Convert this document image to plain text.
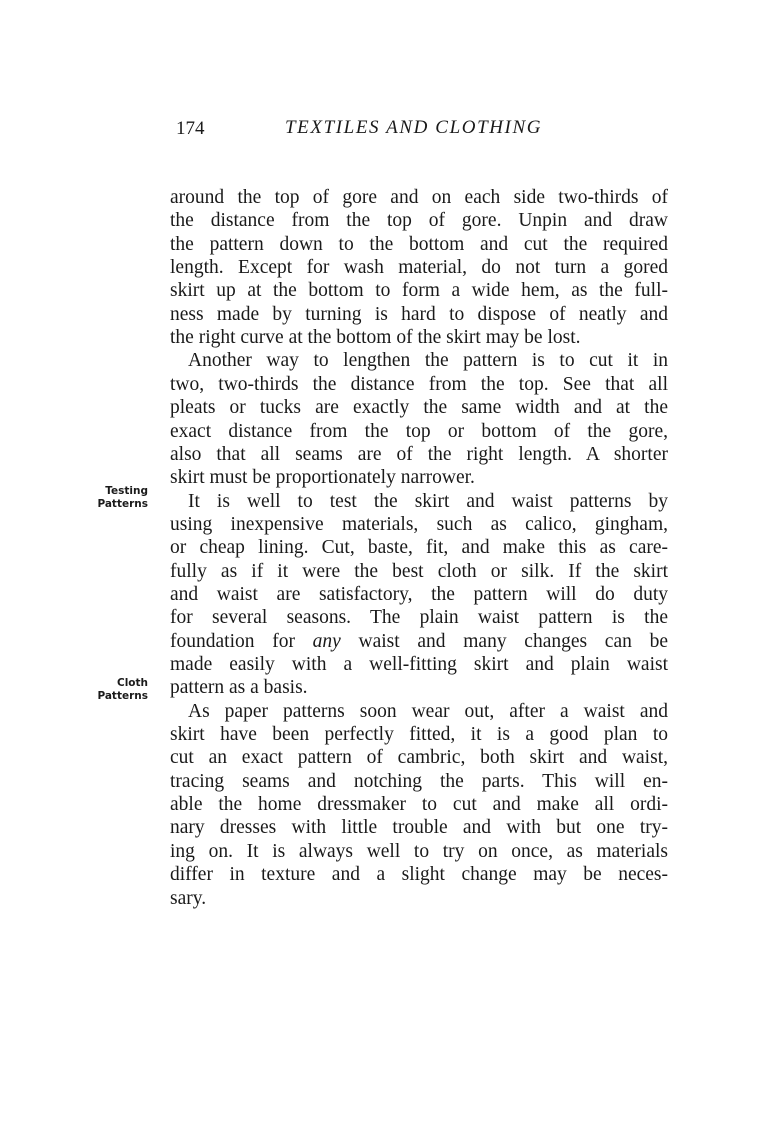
174	TEXTILES AND CLOTHING
Testing
Patterns
Cloth
Patterns
around the top of gore and on each side two-thirds of
the distance from the top of gore. Unpin and draw
the pattern down to the bottom and cut the required
length. Except for wash material, do not turn a gored
skirt up at the bottom to form a wide hem, as the full-
ness made by turning is hard to dispose of neatly and
the right curve at the bottom of the skirt may be lost.
Another way to lengthen the pattern is to cut it in
two, two-thirds the distance from the top. See that all
pleats or tucks are exactly the same width and at the
exact distance from the top or bottom of the gore,
also that all seams are of the right length. A shorter
skirt must be proportionately narrower.
It is well to test the skirt and waist patterns by
using inexpensive materials, such as calico, gingham,
or cheap lining. Cut, baste, fit, and make this as care-
fully as if it were the best cloth or silk. If the skirt
and waist are satisfactory, the pattern will do duty
for several seasons. The plain waist pattern is the
foundation for any waist and many changes can be
made easily with a well-fitting skirt and plain waist
pattern as a basis.
As paper patterns soon wear out, after a waist and
skirt have been perfectly fitted, it is a good plan to
cut an exact pattern of cambric, both skirt and waist,
tracing seams and notching the parts. This will en-
able the home dressmaker to cut and make all ordi-
nary dresses with little trouble and with but one try-
ing on. It is always well to try on once, as materials
differ in texture and a slight change may be neces-
sary.
